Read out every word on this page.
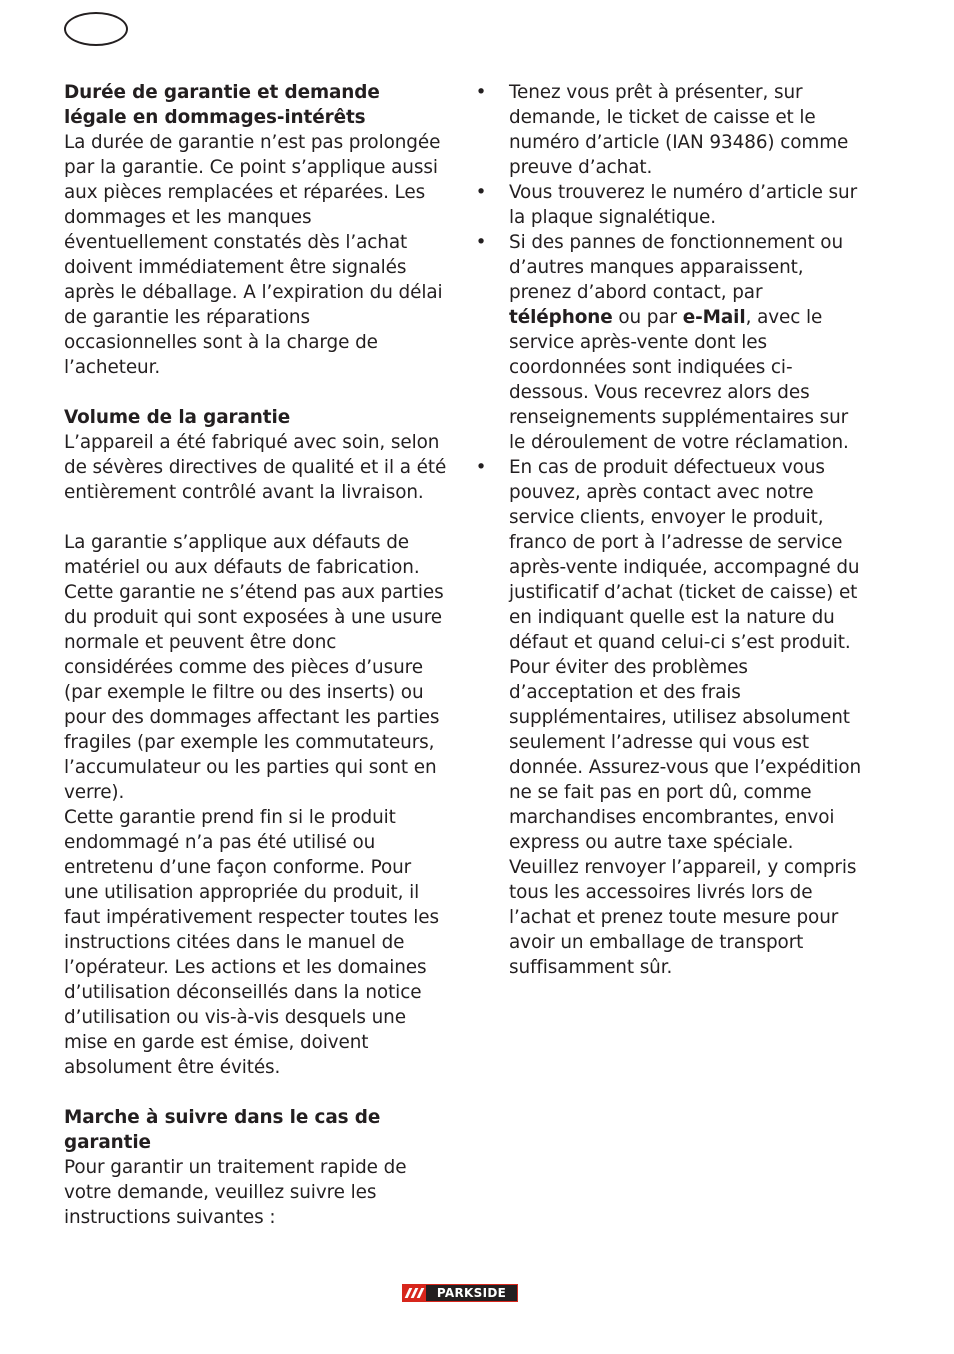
Durée de garantie et demande légale en dommages-intérêts

La durée de garantie n’est pas prolongée par la garantie. Ce point s’applique aussi aux pièces remplacées et réparées. Les dommages et les manques éventuellement constatés dès l’achat doivent immédiatement être signalés après le déballage. A l’expiration du délai de garantie les réparations occasionnelles sont à la charge de l’acheteur.

Volume de la garantie

L’appareil a été fabriqué avec soin, selon de sévères directives de qualité et il a été entièrement contrôlé avant la livraison.

La garantie s’applique aux défauts de matériel ou aux défauts de fabrication. Cette garantie ne s’étend pas aux parties du produit qui sont exposées à une usure normale et peuvent être donc considérées comme des pièces d’usure (par exemple le filtre ou des inserts) ou pour des dommages affectant les parties fragiles (par exemple les commutateurs, l’accumulateur ou les parties qui sont en verre).

Cette garantie prend fin si le produit endommagé n’a pas été utilisé ou entretenu d’une façon conforme. Pour une utilisation appropriée du produit, il faut impérativement respecter toutes les instructions citées dans le manuel de l’opérateur. Les actions et les domaines d’utilisation déconseillés dans la notice d’utilisation ou vis-à-vis desquels une mise en garde est émise, doivent absolument être évités.

Marche à suivre dans le cas de garantie

Pour garantir un traitement rapide de votre demande, veuillez suivre les instructions suivantes :

• Tenez vous prêt à présenter, sur demande, le ticket de caisse et le numéro d’article (IAN 93486) comme preuve d’achat.
• Vous trouverez le numéro d’article sur la plaque signalétique.
• Si des pannes de fonctionnement ou d’autres manques apparaissent, prenez d’abord contact, par téléphone ou par e-Mail, avec le service après-vente dont les coordonnées sont indiquées ci-dessous. Vous recevrez alors des renseignements supplémentaires sur le déroulement de votre réclamation.
• En cas de produit défectueux vous pouvez, après contact avec notre service clients, envoyer le produit, franco de port à l’adresse de service après-vente indiquée, accompagné du justificatif d’achat (ticket de caisse) et en indiquant quelle est la nature du défaut et quand celui-ci s’est produit. Pour éviter des problèmes d’acceptation et des frais supplémentaires, utilisez absolument seulement l’adresse qui vous est donnée. Assurez-vous que l’expédition ne se fait pas en port dû, comme marchandises encombrantes, envoi express ou autre taxe spéciale. Veuillez renvoyer l’appareil, y compris tous les accessoires livrés lors de l’achat et prenez toute mesure pour avoir un emballage de transport suffisamment sûr.
PARKSIDE
